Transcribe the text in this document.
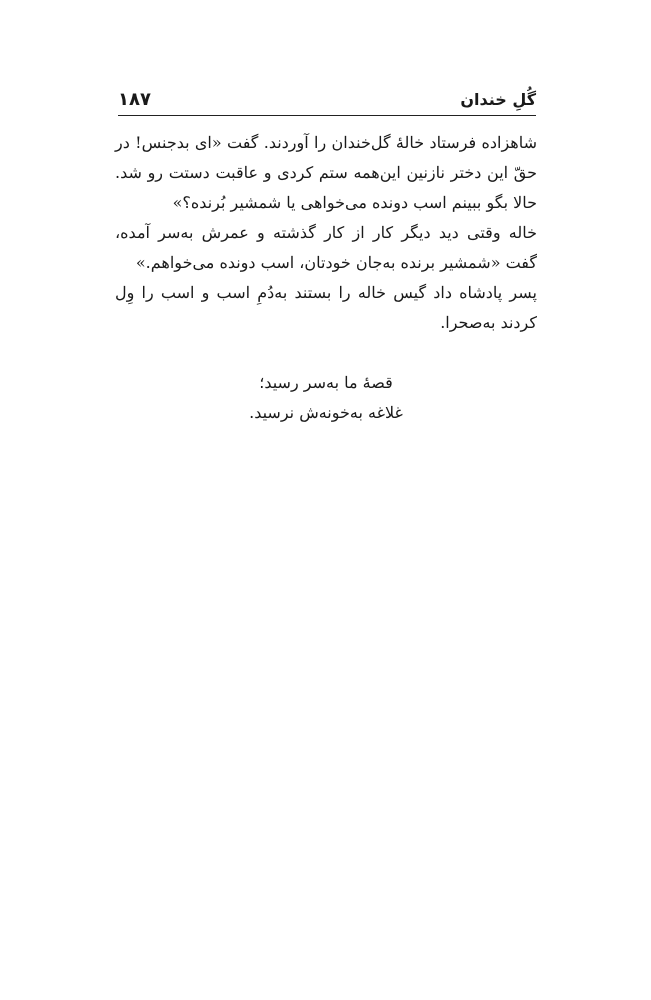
۱۸۷	گُلِ خندان

شاهزاده فرستاد خالهٔ گل‌خندان را آوردند. گفت «ای بدجنس! در حقّ این دختر نازنین این‌همه ستم کردی و عاقبت دستت رو شد. حالا بگو ببینم اسب دونده می‌خواهی یا شمشیر بُرنده؟»

خاله وقتی دید دیگر کار از کار گذشته و عمرش به‌سر آمده، گفت «شمشیر برنده به‌جان خودتان، اسب دونده می‌خواهم.»

پسر پادشاه داد گیس خاله را بستند به‌دُمِ اسب و اسب را وِل کردند به‌صحرا.

قصهٔ ما به‌سر رسید؛
غلاغه به‌خونه‌ش نرسید.
